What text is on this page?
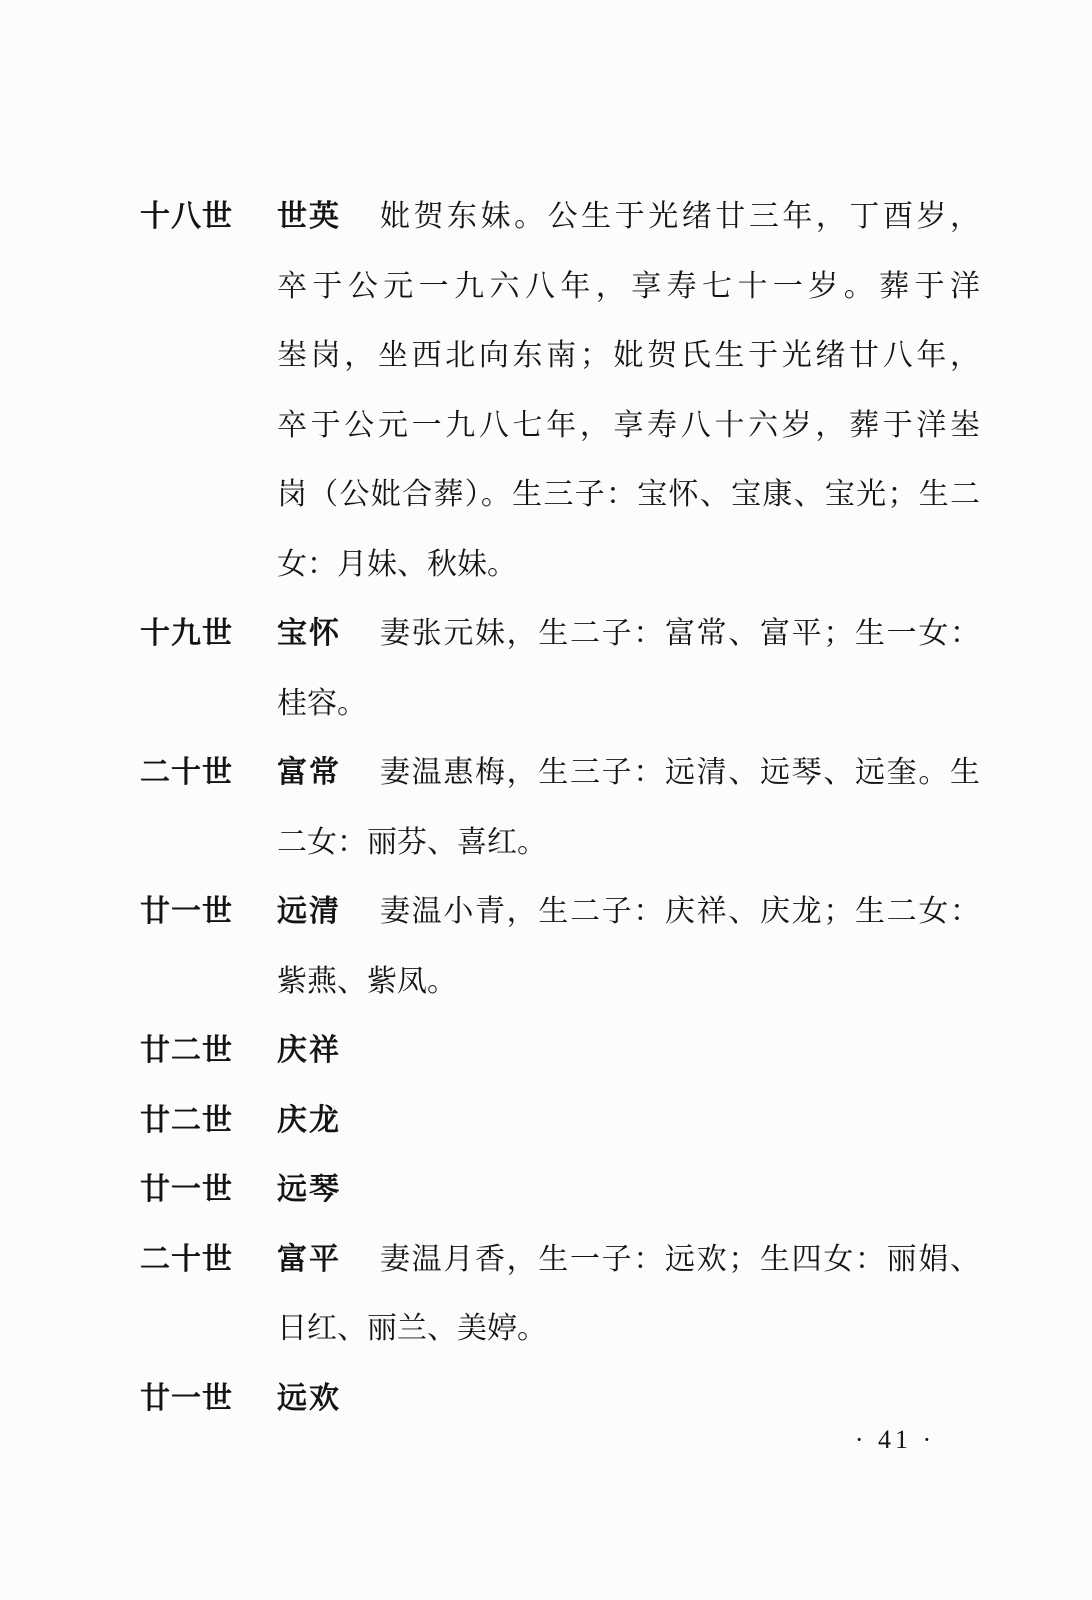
十八世	世英	妣贺东妹。公生于光绪廿三年，丁酉岁，
卒于公元一九六八年，享寿七十一岁。葬于洋
峚岗，坐西北向东南；妣贺氏生于光绪廿八年，
卒于公元一九八七年，享寿八十六岁，葬于洋峚
岗（公妣合葬）。生三子：宝怀、宝康、宝光；生二
女：月妹、秋妹。
十九世	宝怀	妻张元妹，生二子：富常、富平；生一女：
桂容。
二十世	富常	妻温惠梅，生三子：远清、远琴、远奎。生
二女：丽芬、喜红。
廿一世	远清	妻温小青，生二子：庆祥、庆龙；生二女：
紫燕、紫凤。
廿二世	庆祥
廿二世	庆龙
廿一世	远琴
二十世	富平	妻温月香，生一子：远欢；生四女：丽娟、
日红、丽兰、美婷。
廿一世	远欢
· 41 ·
